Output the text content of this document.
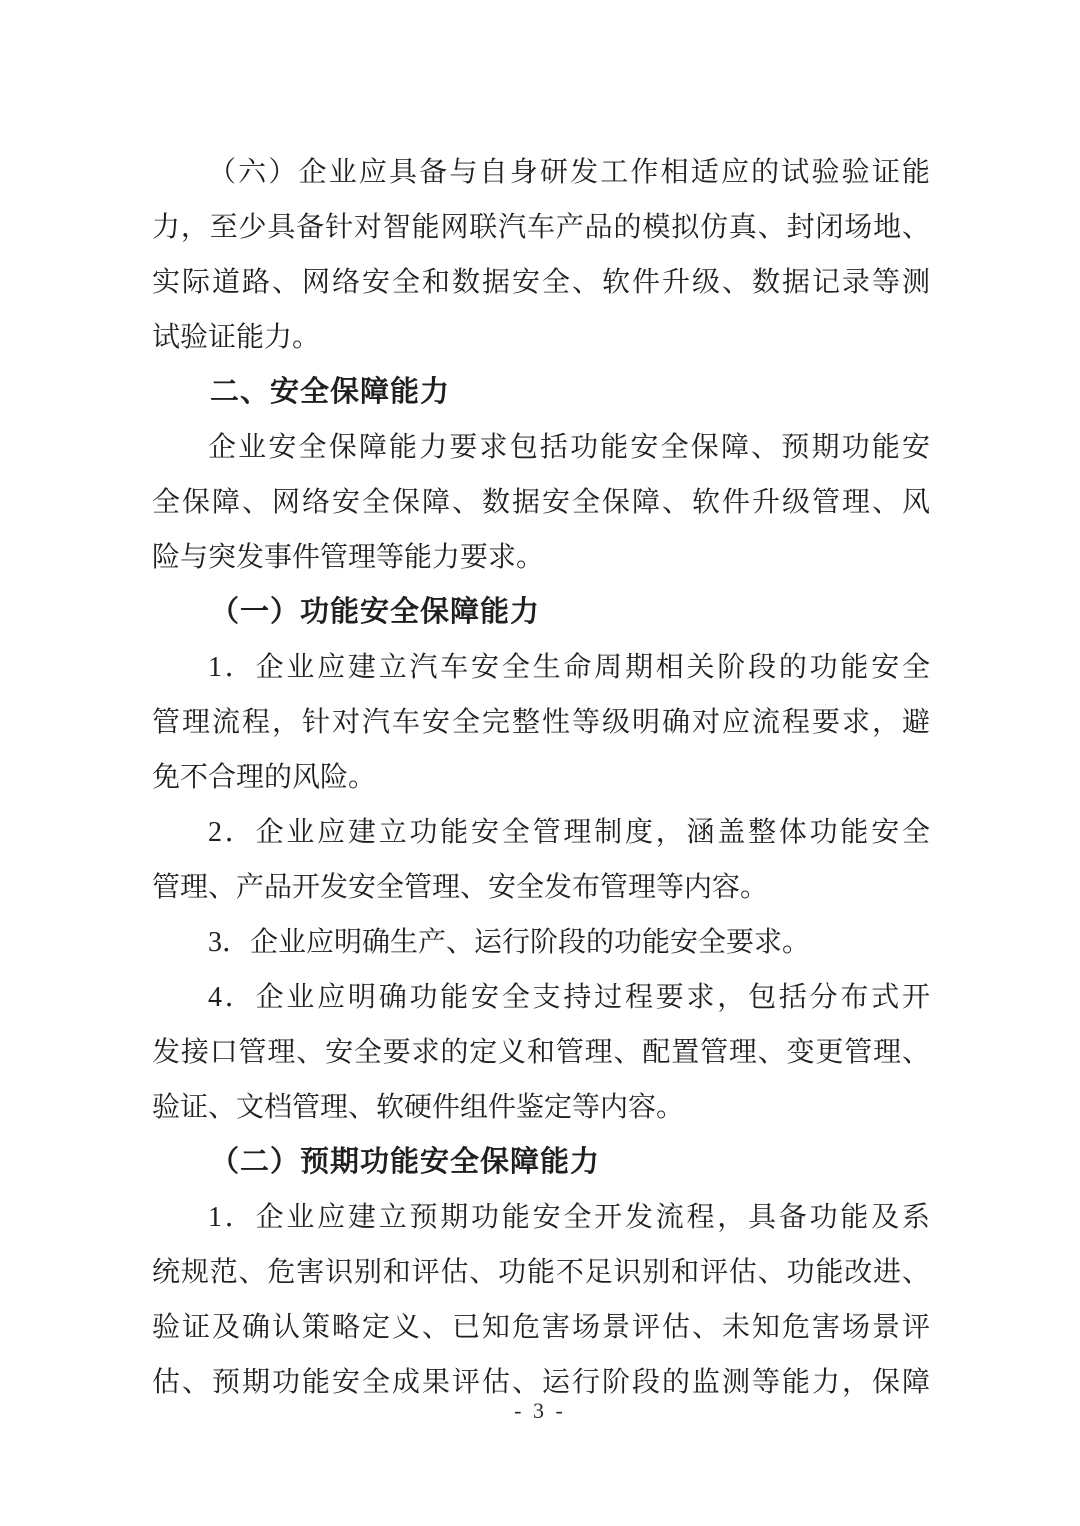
（六）企业应具备与自身研发工作相适应的试验验证能
力，至少具备针对智能网联汽车产品的模拟仿真、封闭场地、
实际道路、网络安全和数据安全、软件升级、数据记录等测
试验证能力。
二、安全保障能力
企业安全保障能力要求包括功能安全保障、预期功能安
全保障、网络安全保障、数据安全保障、软件升级管理、风
险与突发事件管理等能力要求。
（一）功能安全保障能力
1．企业应建立汽车安全生命周期相关阶段的功能安全
管理流程，针对汽车安全完整性等级明确对应流程要求，避
免不合理的风险。
2．企业应建立功能安全管理制度，涵盖整体功能安全
管理、产品开发安全管理、安全发布管理等内容。
3．企业应明确生产、运行阶段的功能安全要求。
4．企业应明确功能安全支持过程要求，包括分布式开
发接口管理、安全要求的定义和管理、配置管理、变更管理、
验证、文档管理、软硬件组件鉴定等内容。
（二）预期功能安全保障能力
1．企业应建立预期功能安全开发流程，具备功能及系
统规范、危害识别和评估、功能不足识别和评估、功能改进、
验证及确认策略定义、已知危害场景评估、未知危害场景评
估、预期功能安全成果评估、运行阶段的监测等能力，保障
- 3 -
